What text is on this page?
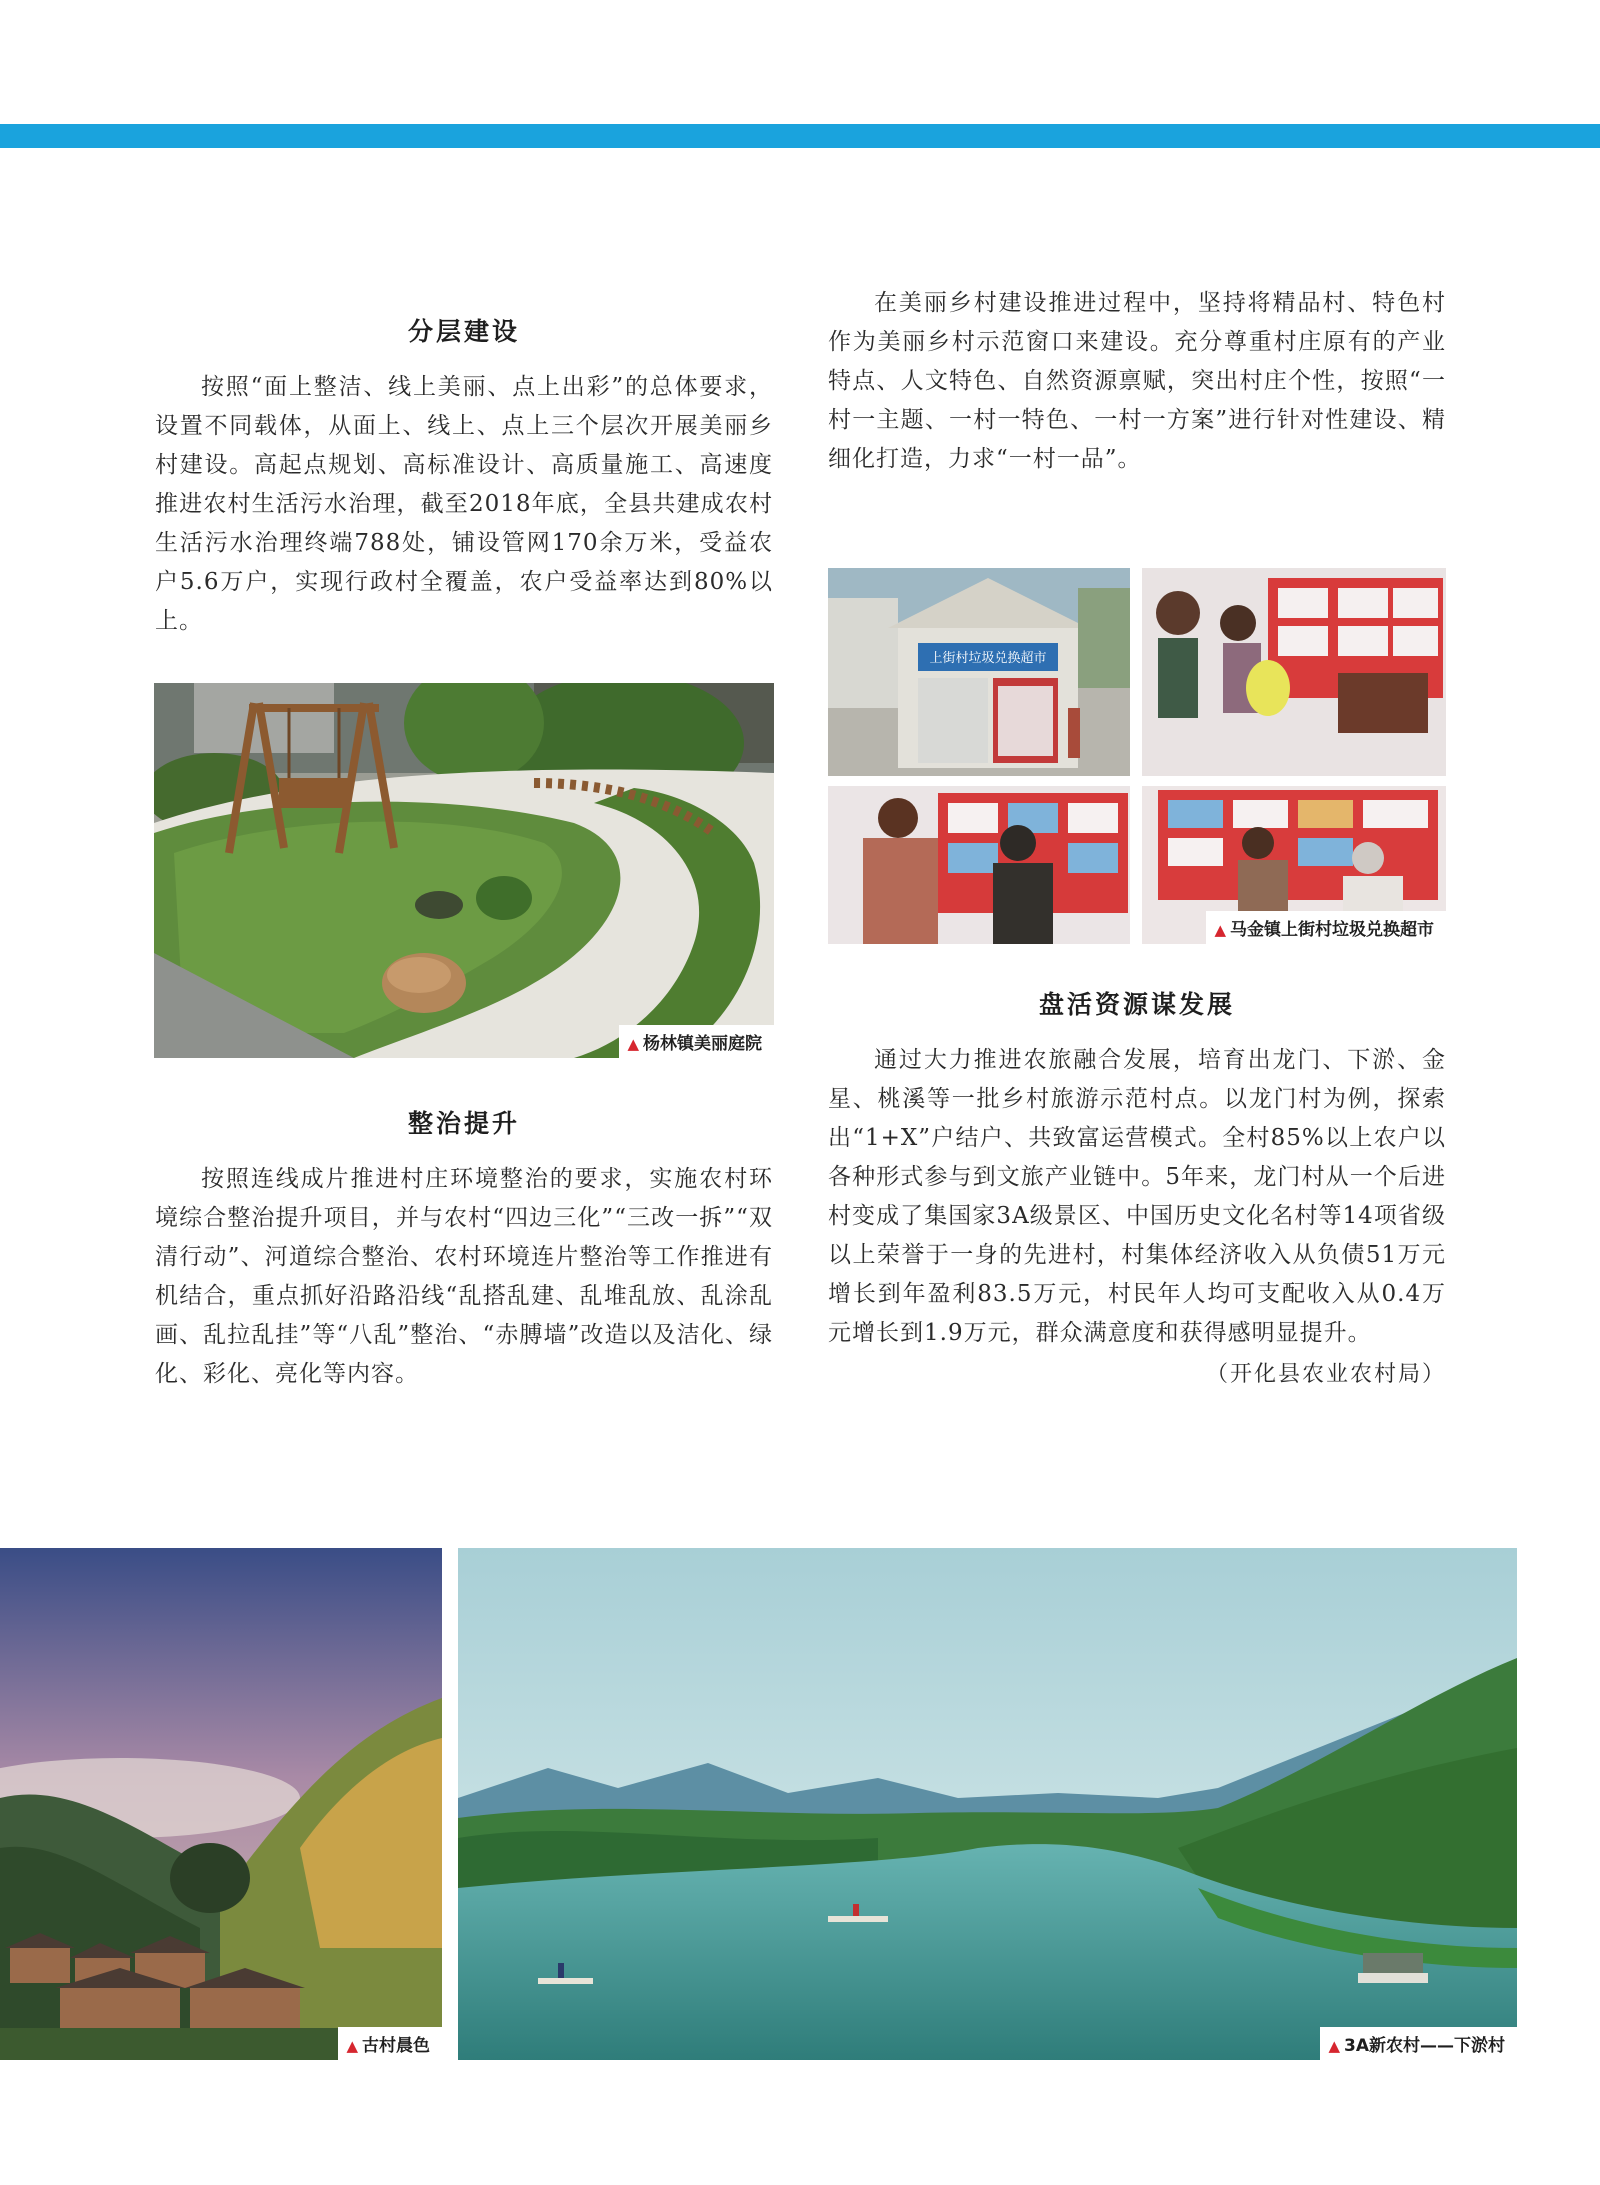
分层建设

按照“面上整洁、线上美丽、点上出彩”的总体要求，设置不同载体，从面上、线上、点上三个层次开展美丽乡村建设。高起点规划、高标准设计、高质量施工、高速度推进农村生活污水治理，截至2018年底，全县共建成农村生活污水治理终端788处，铺设管网170余万米，受益农户5.6万户，实现行政村全覆盖，农户受益率达到80%以上。

▲ 杨林镇美丽庭院
整治提升

按照连线成片推进村庄环境整治的要求，实施农村环境综合整治提升项目，并与农村“四边三化”“三改一拆”“双清行动”、河道综合整治、农村环境连片整治等工作推进有机结合，重点抓好沿路沿线“乱搭乱建、乱堆乱放、乱涂乱画、乱拉乱挂”等“八乱”整治、“赤膊墙”改造以及洁化、绿化、彩化、亮化等内容。

在美丽乡村建设推进过程中，坚持将精品村、特色村作为美丽乡村示范窗口来建设。充分尊重村庄原有的产业特点、人文特色、自然资源禀赋，突出村庄个性，按照“一村一主题、一村一特色、一村一方案”进行针对性建设、精细化打造，力求“一村一品”。

上街村垃圾兑换超市
▲ 马金镇上街村垃圾兑换超市
盘活资源谋发展

通过大力推进农旅融合发展，培育出龙门、下淤、金星、桃溪等一批乡村旅游示范村点。以龙门村为例，探索出“1+X”户结户、共致富运营模式。全村85%以上农户以各种形式参与到文旅产业链中。5年来，龙门村从一个后进村变成了集国家3A级景区、中国历史文化名村等14项省级以上荣誉于一身的先进村，村集体经济收入从负债51万元增长到年盈利83.5万元，村民年人均可支配收入从0.4万元增长到1.9万元，群众满意度和获得感明显提升。

（开化县农业农村局）
▲ 古村晨色	▲ 3A新农村——下淤村
